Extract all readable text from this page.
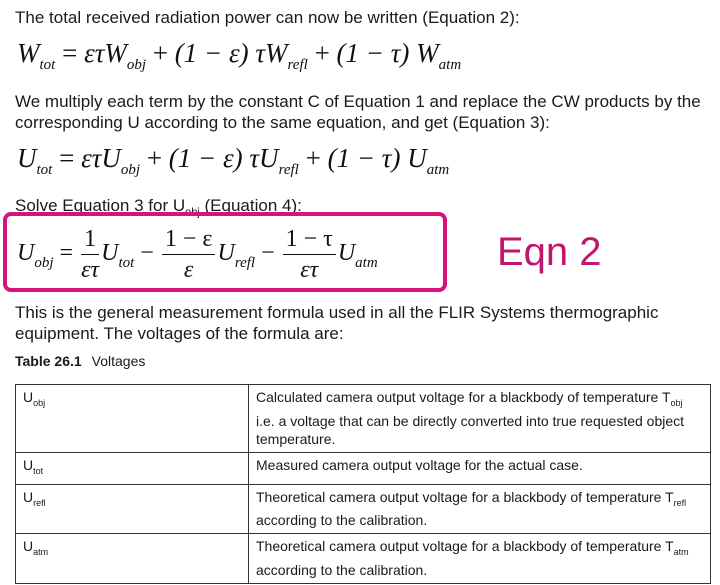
The total received radiation power can now be written (Equation 2):

$W_{tot} = \varepsilon\tau W_{obj} + (1 - \varepsilon) \tau W_{refl} + (1 - \tau)$ $W_{atm}$

We multiply each term by the constant C of Equation 1 and replace the CW products by the corresponding U according to the same equation, and get (Equation 3):

$U_{tot} = \varepsilon\tau U_{obj} + (1 - \varepsilon) \tau U_{refl} + (1 - \tau)$ $U_{atm}$

Solve Equation 3 for $U_{obj}$ (Equation 4):

$U_{obj} = \frac{1}{\varepsilon\tau} U_{tot} - \frac{1 - \varepsilon}{\varepsilon} U_{refl} - \frac{1 - \tau}{\varepsilon\tau} U_{atm}$	Eqn 2

This is the general measurement formula used in all the FLIR Systems thermographic equipment. The voltages of the formula are:

Table 26.1 Voltages
$U_{obj}$	Calculated camera output voltage for a blackbody of temperature $T_{obj}$ i.e. a voltage that can be directly converted into true requested object temperature.
$U_{tot}$	Measured camera output voltage for the actual case.
$U_{refl}$	Theoretical camera output voltage for a blackbody of temperature $T_{refl}$ according to the calibration.
$U_{atm}$	Theoretical camera output voltage for a blackbody of temperature $T_{atm}$ according to the calibration.
